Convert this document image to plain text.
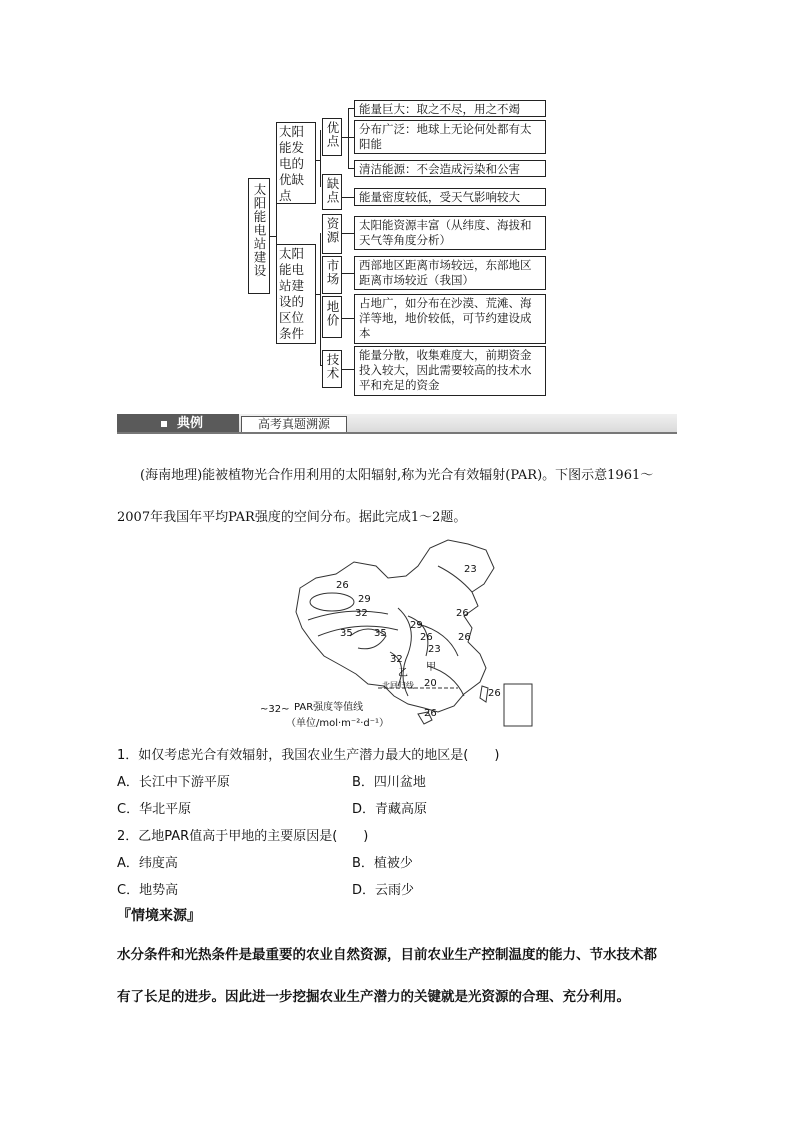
太阳能电站建设
太阳能发电的优缺点
太阳能电站建设的区位条件
优点
缺点
能量巨大：取之不尽，用之不竭
分布广泛：地球上无论何处都有太阳能
清洁能源：不会造成污染和公害
能量密度较低，受天气影响较大
资源	太阳能资源丰富（从纬度、海拔和天气等角度分析）
市场	西部地区距离市场较远，东部地区距离市场较近（我国）
地价	占地广，如分布在沙漠、荒滩、海洋等地，地价较低，可节约建设成本
技术	能量分散，收集难度大，前期资金投入较大，因此需要较高的技术水平和充足的资金
典例	高考真题溯源
(海南地理)能被植物光合作用利用的太阳辐射,称为光合有效辐射(PAR)。下图示意1961～
2007年我国年平均PAR强度的空间分布。据此完成1～2题。
26
23
29
32
35 35
26
29
26	26
23
32
20
26
26
甲
乙
北回归线
~32~ PAR强度等值线
（单位/mol·m⁻²·d⁻¹）
1．如仅考虑光合有效辐射，我国农业生产潜力最大的地区是(　　)
A．长江中下游平原	B．四川盆地
C．华北平原	D．青藏高原
2．乙地PAR值高于甲地的主要原因是(　　)
A．纬度高	B．植被少
C．地势高	D．云雨少
『情境来源』
水分条件和光热条件是最重要的农业自然资源，目前农业生产控制温度的能力、节水技术都
有了长足的进步。因此进一步挖掘农业生产潜力的关键就是光资源的合理、充分利用。
